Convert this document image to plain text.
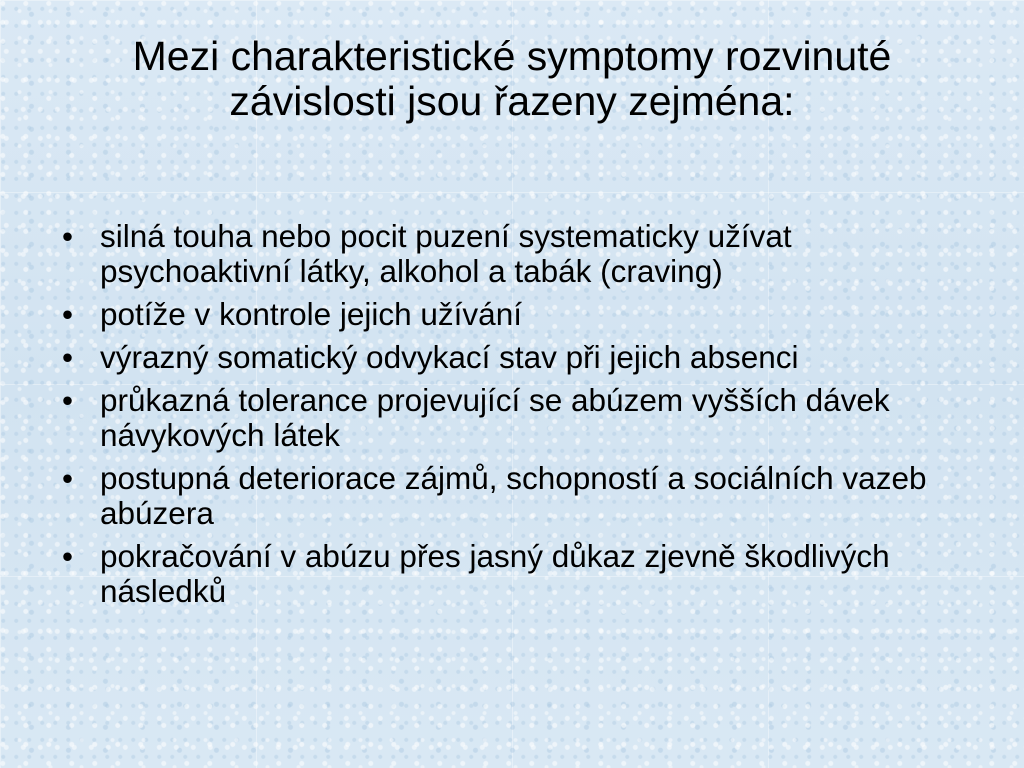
Mezi charakteristické symptomy rozvinuté závislosti jsou řazeny zejména:
• silná touha nebo pocit puzení systematicky užívat psychoaktivní látky, alkohol a tabák (craving)
• potíže v kontrole jejich užívání
• výrazný somatický odvykací stav při jejich absenci
• průkazná tolerance projevující se abúzem vyšších dávek návykových látek
• postupná deteriorace zájmů, schopností a sociálních vazeb abúzera
• pokračování v abúzu přes jasný důkaz zjevně škodlivých následků
